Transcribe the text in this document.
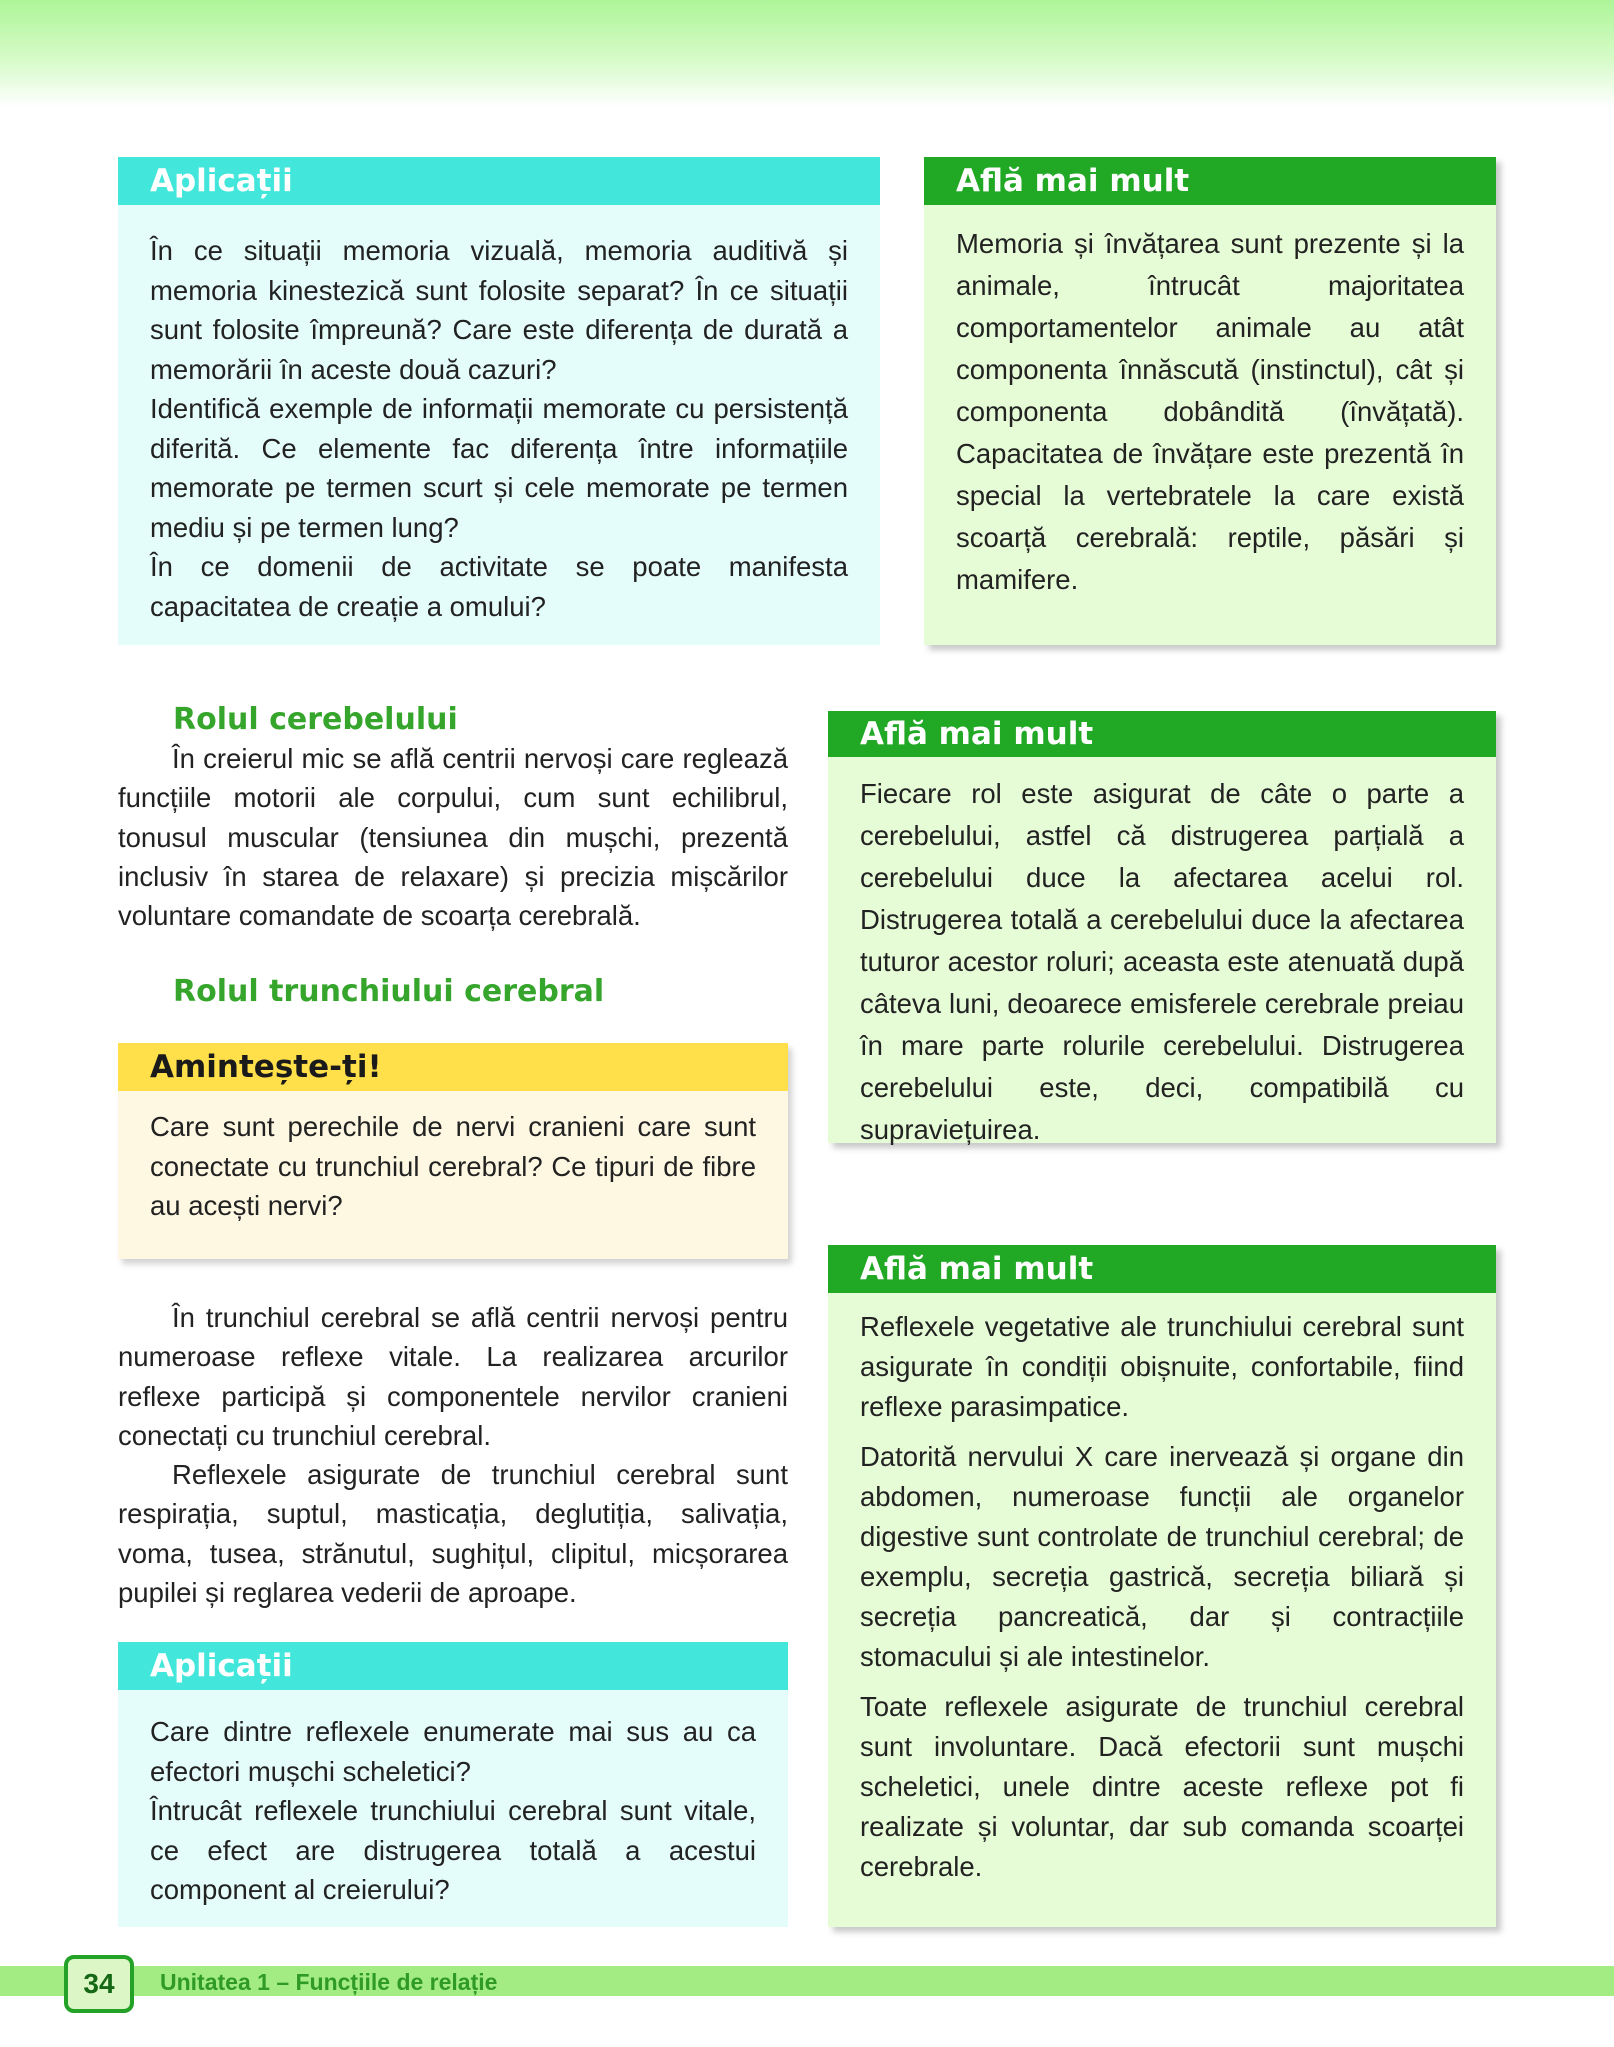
Aplicații

În ce situații memoria vizuală, memoria auditivă și memoria kinestezică sunt folosite separat? În ce situații sunt folosite împreună? Care este diferența de durată a memorării în aceste două cazuri?

Identifică exemple de informații memorate cu persistență diferită. Ce elemente fac diferența între informațiile memorate pe termen scurt și cele memorate pe termen mediu și pe termen lung?

În ce domenii de activitate se poate manifesta capacitatea de creație a omului?

Află mai mult

Memoria și învățarea sunt prezente și la animale, întrucât majoritatea comportamentelor animale au atât componenta înnăscută (instinctul), cât și componenta dobândită (învățată). Capacitatea de învățare este prezentă în special la vertebratele la care există scoarță cerebrală: reptile, păsări și mamifere.

Rolul cerebelului

În creierul mic se află centrii nervoși care reglează funcțiile motorii ale corpului, cum sunt echilibrul, tonusul muscular (tensiunea din mușchi, prezentă inclusiv în starea de relaxare) și precizia mișcărilor voluntare comandate de scoarța cerebrală.

Află mai mult

Fiecare rol este asigurat de câte o parte a cerebelului, astfel că distrugerea parțială a cerebelului duce la afectarea acelui rol. Distrugerea totală a cerebelului duce la afectarea tuturor acestor roluri; aceasta este atenuată după câteva luni, deoarece emisferele cerebrale preiau în mare parte rolurile cerebelului. Distrugerea cerebelului este, deci, compatibilă cu supraviețuirea.

Rolul trunchiului cerebral
Amintește-ți!

Care sunt perechile de nervi cranieni care sunt conectate cu trunchiul cerebral? Ce tipuri de fibre au acești nervi?

În trunchiul cerebral se află centrii nervoși pentru numeroase reflexe vitale. La realizarea arcurilor reflexe participă și componentele nervilor cranieni conectați cu trunchiul cerebral.

Reflexele asigurate de trunchiul cerebral sunt respirația, suptul, masticația, deglutiția, salivația, voma, tusea, strănutul, sughițul, clipitul, micșorarea pupilei și reglarea vederii de aproape.

Află mai mult

Reflexele vegetative ale trunchiului cerebral sunt asigurate în condiții obișnuite, confortabile, fiind reflexe parasimpatice.

Datorită nervului X care inervează și organe din abdomen, numeroase funcții ale organelor digestive sunt controlate de trunchiul cerebral; de exemplu, secreția gastrică, secreția biliară și secreția pancreatică, dar și contracțiile stomacului și ale intestinelor.

Toate reflexele asigurate de trunchiul cerebral sunt involuntare. Dacă efectorii sunt mușchi scheletici, unele dintre aceste reflexe pot fi realizate și voluntar, dar sub comanda scoarței cerebrale.

Aplicații

Care dintre reflexele enumerate mai sus au ca efectori mușchi scheletici?

Întrucât reflexele trunchiului cerebral sunt vitale, ce efect are distrugerea totală a acestui component al creierului?

34	Unitatea 1 – Funcțiile de relație
